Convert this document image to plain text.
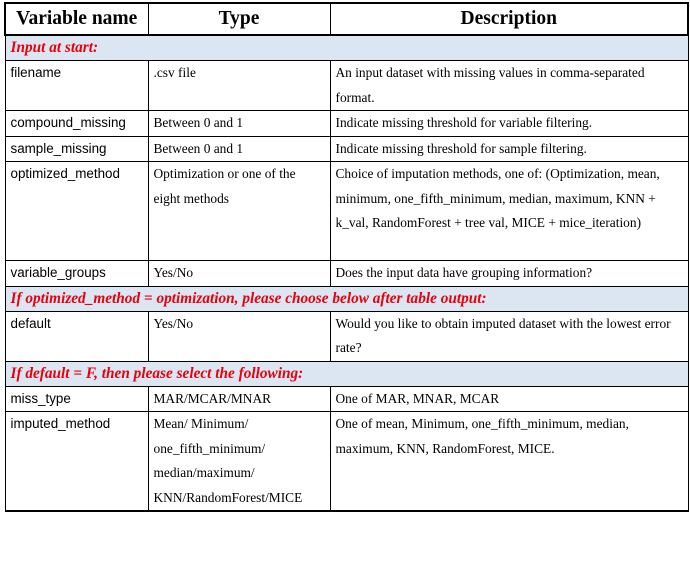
Variable name	Type	Description
Input at start:		
filename	.csv file	An input dataset with missing values in comma-separated format.
compound_missing	Between 0 and 1	Indicate missing threshold for variable filtering.
sample_missing	Between 0 and 1	Indicate missing threshold for sample filtering.
optimized_method	Optimization or one of the eight methods	Choice of imputation methods, one of: (Optimization, mean, minimum, one_fifth_minimum, median, maximum, KNN + k_val, RandomForest + tree val, MICE + mice_iteration)
variable_groups	Yes/No	Does the input data have grouping information?
If optimized_method = optimization, please choose below after table output:		
default	Yes/No	Would you like to obtain imputed dataset with the lowest error rate?
If default = F, then please select the following:		
miss_type	MAR/MCAR/MNAR	One of MAR, MNAR, MCAR
imputed_method	Mean/ Minimum/ one_fifth_minimum/ median/maximum/ KNN/RandomForest/MICE	One of mean, Minimum, one_fifth_minimum, median, maximum, KNN, RandomForest, MICE.
